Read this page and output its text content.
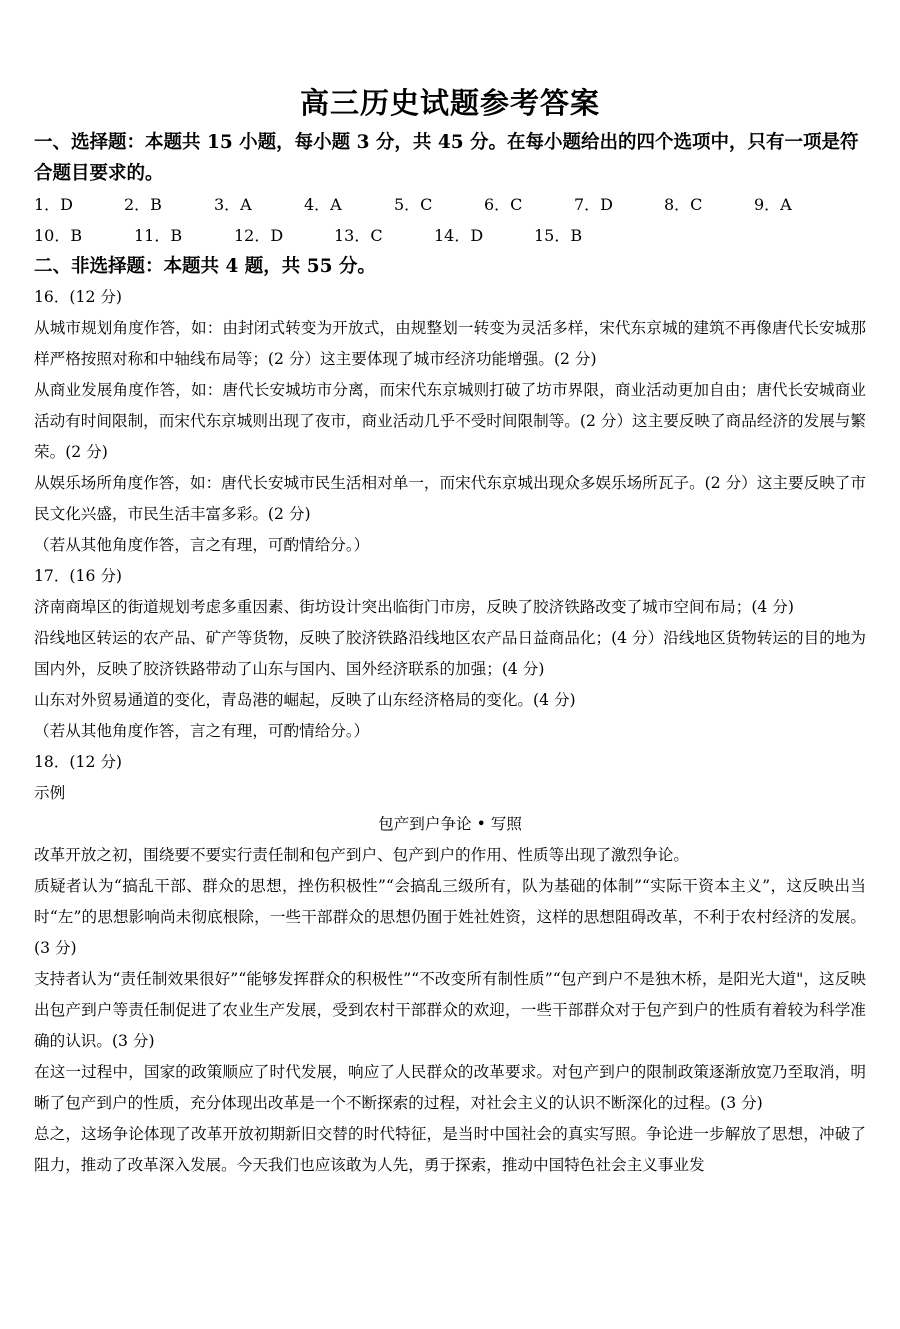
高三历史试题参考答案

一、选择题：本题共 15 小题，每小题 3 分，共 45 分。在每小题给出的四个选项中，只有一项是符合题目要求的。

1．D	2．B	3．A	4．A	5．C	6．C	7．D	8．C	9．A
10．B	11．B	12．D	13．C	14．D	15．B

二、非选择题：本题共 4 题，共 55 分。

16．(12 分)

从城市规划角度作答，如：由封闭式转变为开放式，由规整划一转变为灵活多样，宋代东京城的建筑不再像唐代长安城那样严格按照对称和中轴线布局等；(2 分）这主要体现了城市经济功能增强。(2 分)

从商业发展角度作答，如：唐代长安城坊市分离，而宋代东京城则打破了坊市界限，商业活动更加自由；唐代长安城商业活动有时间限制，而宋代东京城则出现了夜市，商业活动几乎不受时间限制等。(2 分）这主要反映了商品经济的发展与繁荣。(2 分)

从娱乐场所角度作答，如：唐代长安城市民生活相对单一，而宋代东京城出现众多娱乐场所瓦子。(2 分）这主要反映了市民文化兴盛，市民生活丰富多彩。(2 分)

（若从其他角度作答，言之有理，可酌情给分。）

17．(16 分)

济南商埠区的街道规划考虑多重因素、街坊设计突出临街门市房，反映了胶济铁路改变了城市空间布局；(4 分)

沿线地区转运的农产品、矿产等货物，反映了胶济铁路沿线地区农产品日益商品化；(4 分）沿线地区货物转运的目的地为国内外，反映了胶济铁路带动了山东与国内、国外经济联系的加强；(4 分)

山东对外贸易通道的变化，青岛港的崛起，反映了山东经济格局的变化。(4 分)

（若从其他角度作答，言之有理，可酌情给分。）

18．(12 分)

示例

包产到户争论 • 写照

改革开放之初，围绕要不要实行责任制和包产到户、包产到户的作用、性质等出现了激烈争论。

质疑者认为“搞乱干部、群众的思想，挫伤积极性”“会搞乱三级所有，队为基础的体制”“实际干资本主义”，这反映出当时“左”的思想影响尚未彻底根除，一些干部群众的思想仍囿于姓社姓资，这样的思想阻碍改革，不利于农村经济的发展。(3 分)

支持者认为“责任制效果很好”“能够发挥群众的积极性”“不改变所有制性质”“包产到户不是独木桥，是阳光大道"，这反映出包产到户等责任制促进了农业生产发展，受到农村干部群众的欢迎，一些干部群众对于包产到户的性质有着较为科学准确的认识。(3 分)

在这一过程中，国家的政策顺应了时代发展，响应了人民群众的改革要求。对包产到户的限制政策逐渐放宽乃至取消，明晰了包产到户的性质，充分体现出改革是一个不断探索的过程，对社会主义的认识不断深化的过程。(3 分)

总之，这场争论体现了改革开放初期新旧交替的时代特征，是当时中国社会的真实写照。争论进一步解放了思想，冲破了阻力，推动了改革深入发展。今天我们也应该敢为人先，勇于探索，推动中国特色社会主义事业发
